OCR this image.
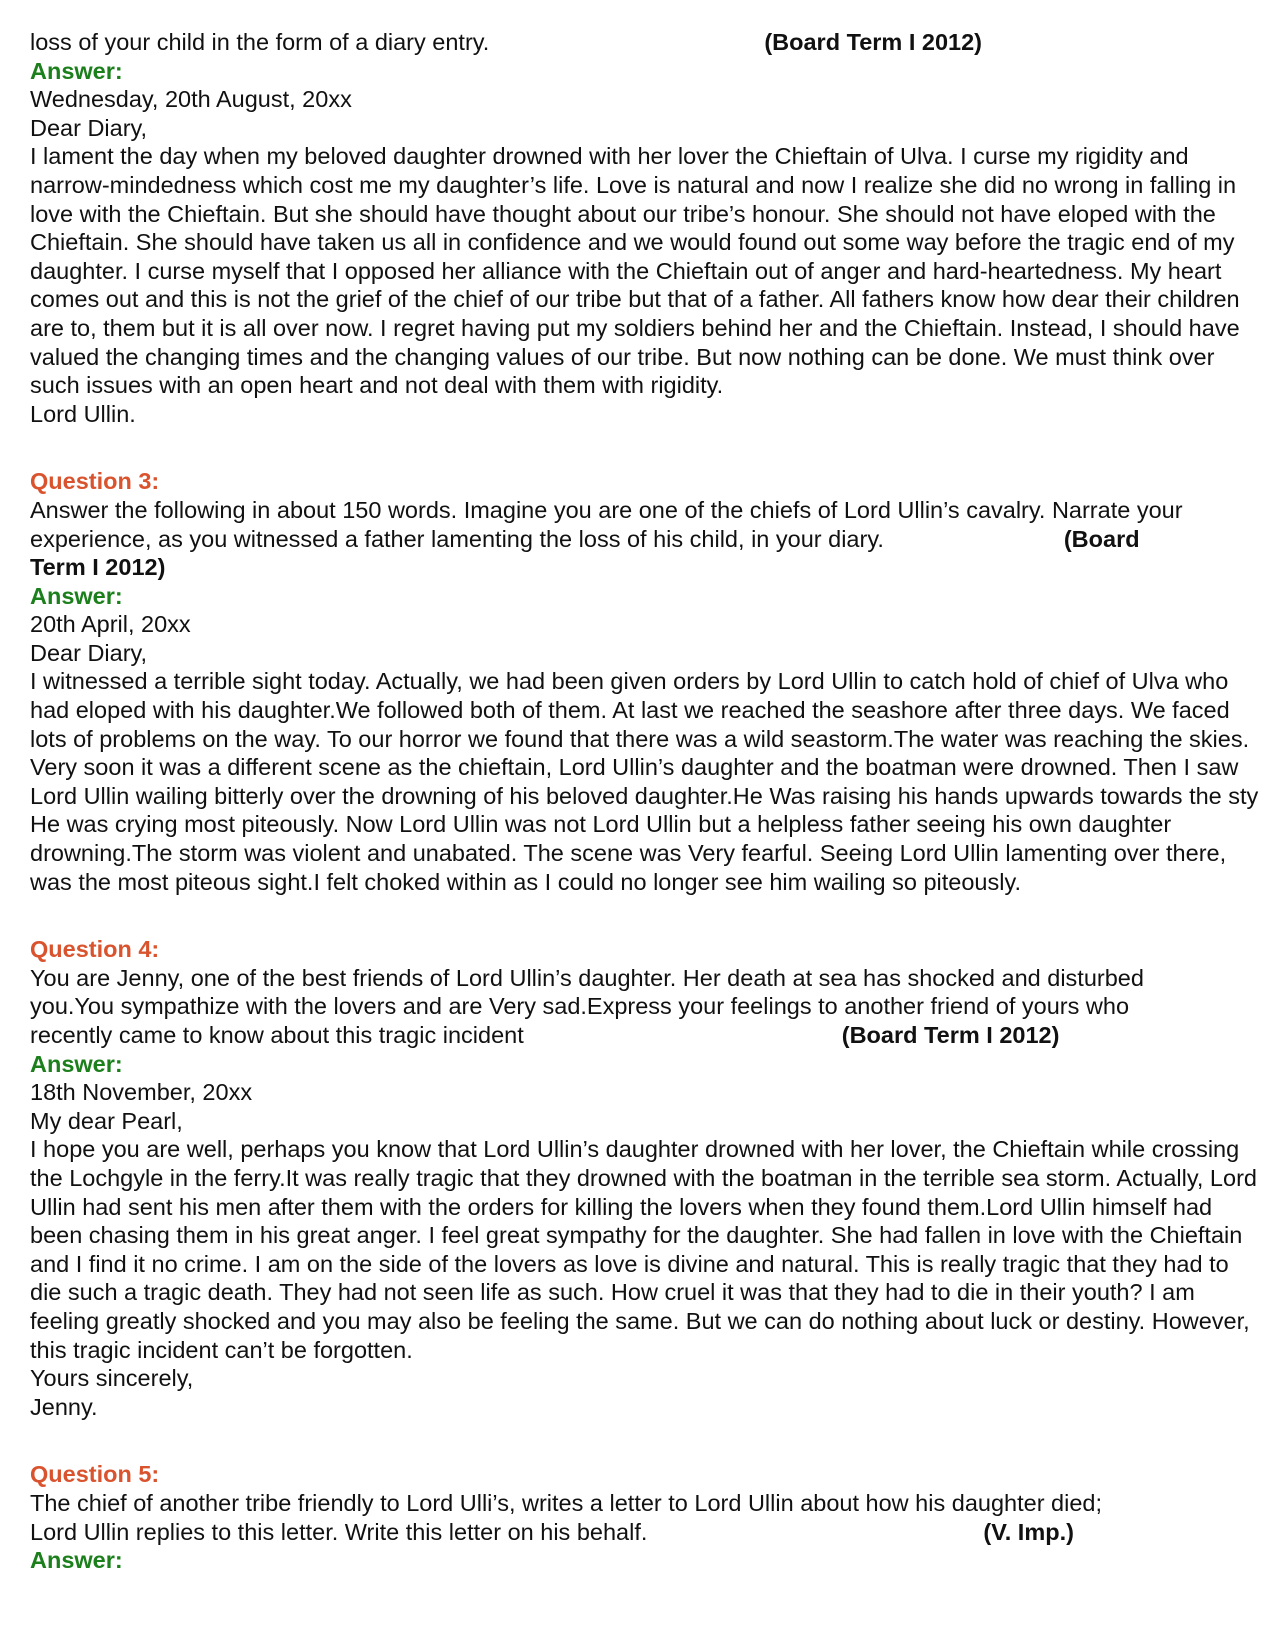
loss of your child in the form of a diary entry.	(Board Term I 2012)
Answer:
Wednesday, 20th August, 20xx
Dear Diary,
I lament the day when my beloved daughter drowned with her lover the Chieftain of Ulva. I curse my rigidity and narrow-mindedness which cost me my daughter’s life. Love is natural and now I realize she did no wrong in falling in love with the Chieftain. But she should have thought about our tribe’s honour. She should not have eloped with the Chieftain. She should have taken us all in confidence and we would found out some way before the tragic end of my daughter. I curse myself that I opposed her alliance with the Chieftain out of anger and hard-heartedness. My heart comes out and this is not the grief of the chief of our tribe but that of a father. All fathers know how dear their children are to, them but it is all over now. I regret having put my soldiers behind her and the Chieftain. Instead, I should have valued the changing times and the changing values of our tribe. But now nothing can be done. We must think over such issues with an open heart and not deal with them with rigidity.
Lord Ullin.
Question 3:
Answer the following in about 150 words. Imagine you are one of the chiefs of Lord Ullin’s cavalry. Narrate your
experience, as you witnessed a father lamenting the loss of his child, in your diary.	(Board
Term I 2012)
Answer:
20th April, 20xx
Dear Diary,
I witnessed a terrible sight today. Actually, we had been given orders by Lord Ullin to catch hold of chief of Ulva who had eloped with his daughter.We followed both of them. At last we reached the seashore after three days. We faced lots of problems on the way. To our horror we found that there was a wild seastorm.The water was reaching the skies. Very soon it was a different scene as the chieftain, Lord Ullin’s daughter and the boatman were drowned. Then I saw Lord Ullin wailing bitterly over the drowning of his beloved daughter.He Was raising his hands upwards towards the sty He was crying most piteously. Now Lord Ullin was not Lord Ullin but a helpless father seeing his own daughter drowning.The storm was violent and unabated. The scene was Very fearful. Seeing Lord Ullin lamenting over there, was the most piteous sight.I felt choked within as I could no longer see him wailing so piteously.
Question 4:
You are Jenny, one of the best friends of Lord Ullin’s daughter. Her death at sea has shocked and disturbed
you.You sympathize with the lovers and are Very sad.Express your feelings to another friend of yours who
recently came to know about this tragic incident	(Board Term I 2012)
Answer:
18th November, 20xx
My dear Pearl,
I hope you are well, perhaps you know that Lord Ullin’s daughter drowned with her lover, the Chieftain while crossing the Lochgyle in the ferry.It was really tragic that they drowned with the boatman in the terrible sea storm. Actually, Lord Ullin had sent his men after them with the orders for killing the lovers when they found them.Lord Ullin himself had been chasing them in his great anger. I feel great sympathy for the daughter. She had fallen in love with the Chieftain and I find it no crime. I am on the side of the lovers as love is divine and natural. This is really tragic that they had to die such a tragic death. They had not seen life as such. How cruel it was that they had to die in their youth? I am feeling greatly shocked and you may also be feeling the same. But we can do nothing about luck or destiny. However, this tragic incident can’t be forgotten.
Yours sincerely,
Jenny.
Question 5:
The chief of another tribe friendly to Lord Ulli’s, writes a letter to Lord Ullin about how his daughter died;
Lord Ullin replies to this letter. Write this letter on his behalf.	(V. Imp.)
Answer:
